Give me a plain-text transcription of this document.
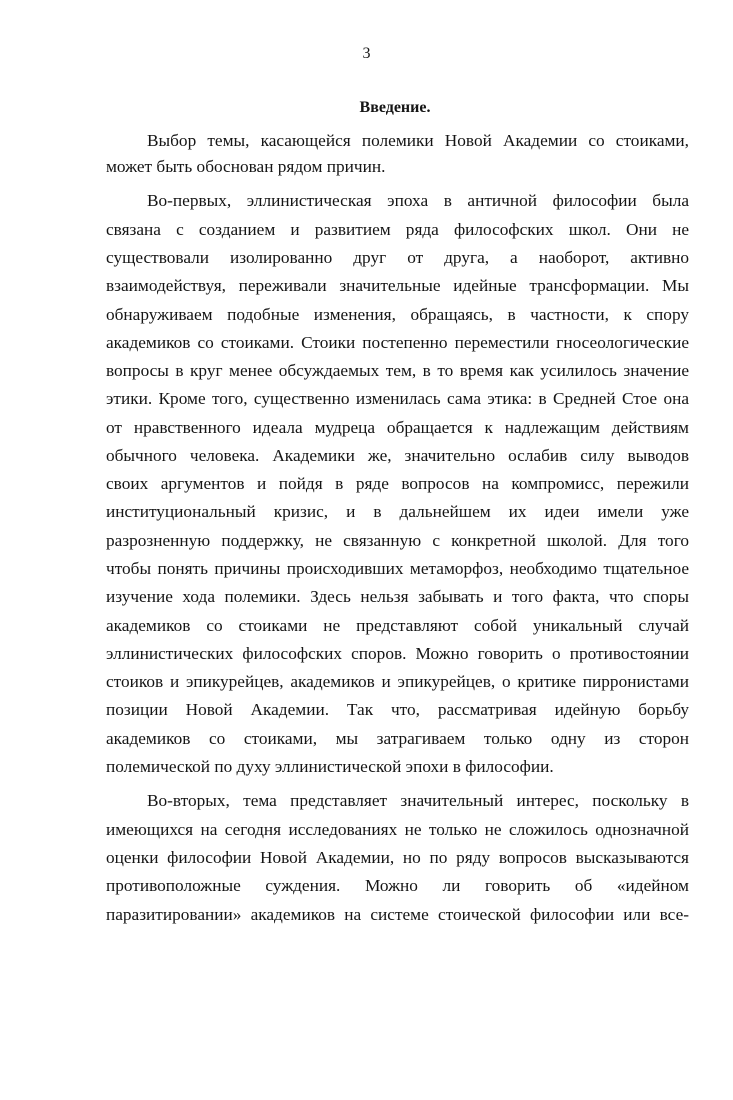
3
Введение.
Выбор темы, касающейся полемики Новой Академии со стоиками,
может быть обоснован рядом причин.
Во-первых, эллинистическая эпоха в античной философии была
связана с созданием и развитием ряда философских школ. Они не
существовали изолированно друг от друга, а наоборот, активно
взаимодействуя, переживали значительные идейные трансформации. Мы
обнаруживаем подобные изменения, обращаясь, в частности, к спору
академиков со стоиками. Стоики постепенно переместили гносеологические
вопросы в круг менее обсуждаемых тем, в то время как усилилось значение
этики. Кроме того, существенно изменилась сама этика: в Средней Стое она
от нравственного идеала мудреца обращается к надлежащим действиям
обычного человека. Академики же, значительно ослабив силу выводов
своих аргументов и пойдя в ряде вопросов на компромисс, пережили
институциональный кризис, и в дальнейшем их идеи имели уже
разрозненную поддержку, не связанную с конкретной школой. Для того
чтобы понять причины происходивших метаморфоз, необходимо тщательное
изучение хода полемики. Здесь нельзя забывать и того факта, что споры
академиков со стоиками не представляют собой уникальный случай
эллинистических философских споров. Можно говорить о противостоянии
стоиков и эпикурейцев, академиков и эпикурейцев, о критике пирронистами
позиции Новой Академии. Так что, рассматривая идейную борьбу
академиков со стоиками, мы затрагиваем только одну из сторон
полемической по духу эллинистической эпохи в философии.
Во-вторых, тема представляет значительный интерес, поскольку в
имеющихся на сегодня исследованиях не только не сложилось однозначной
оценки философии Новой Академии, но по ряду вопросов высказываются
противоположные суждения. Можно ли говорить об «идейном
паразитировании» академиков на системе стоической философии или все-
